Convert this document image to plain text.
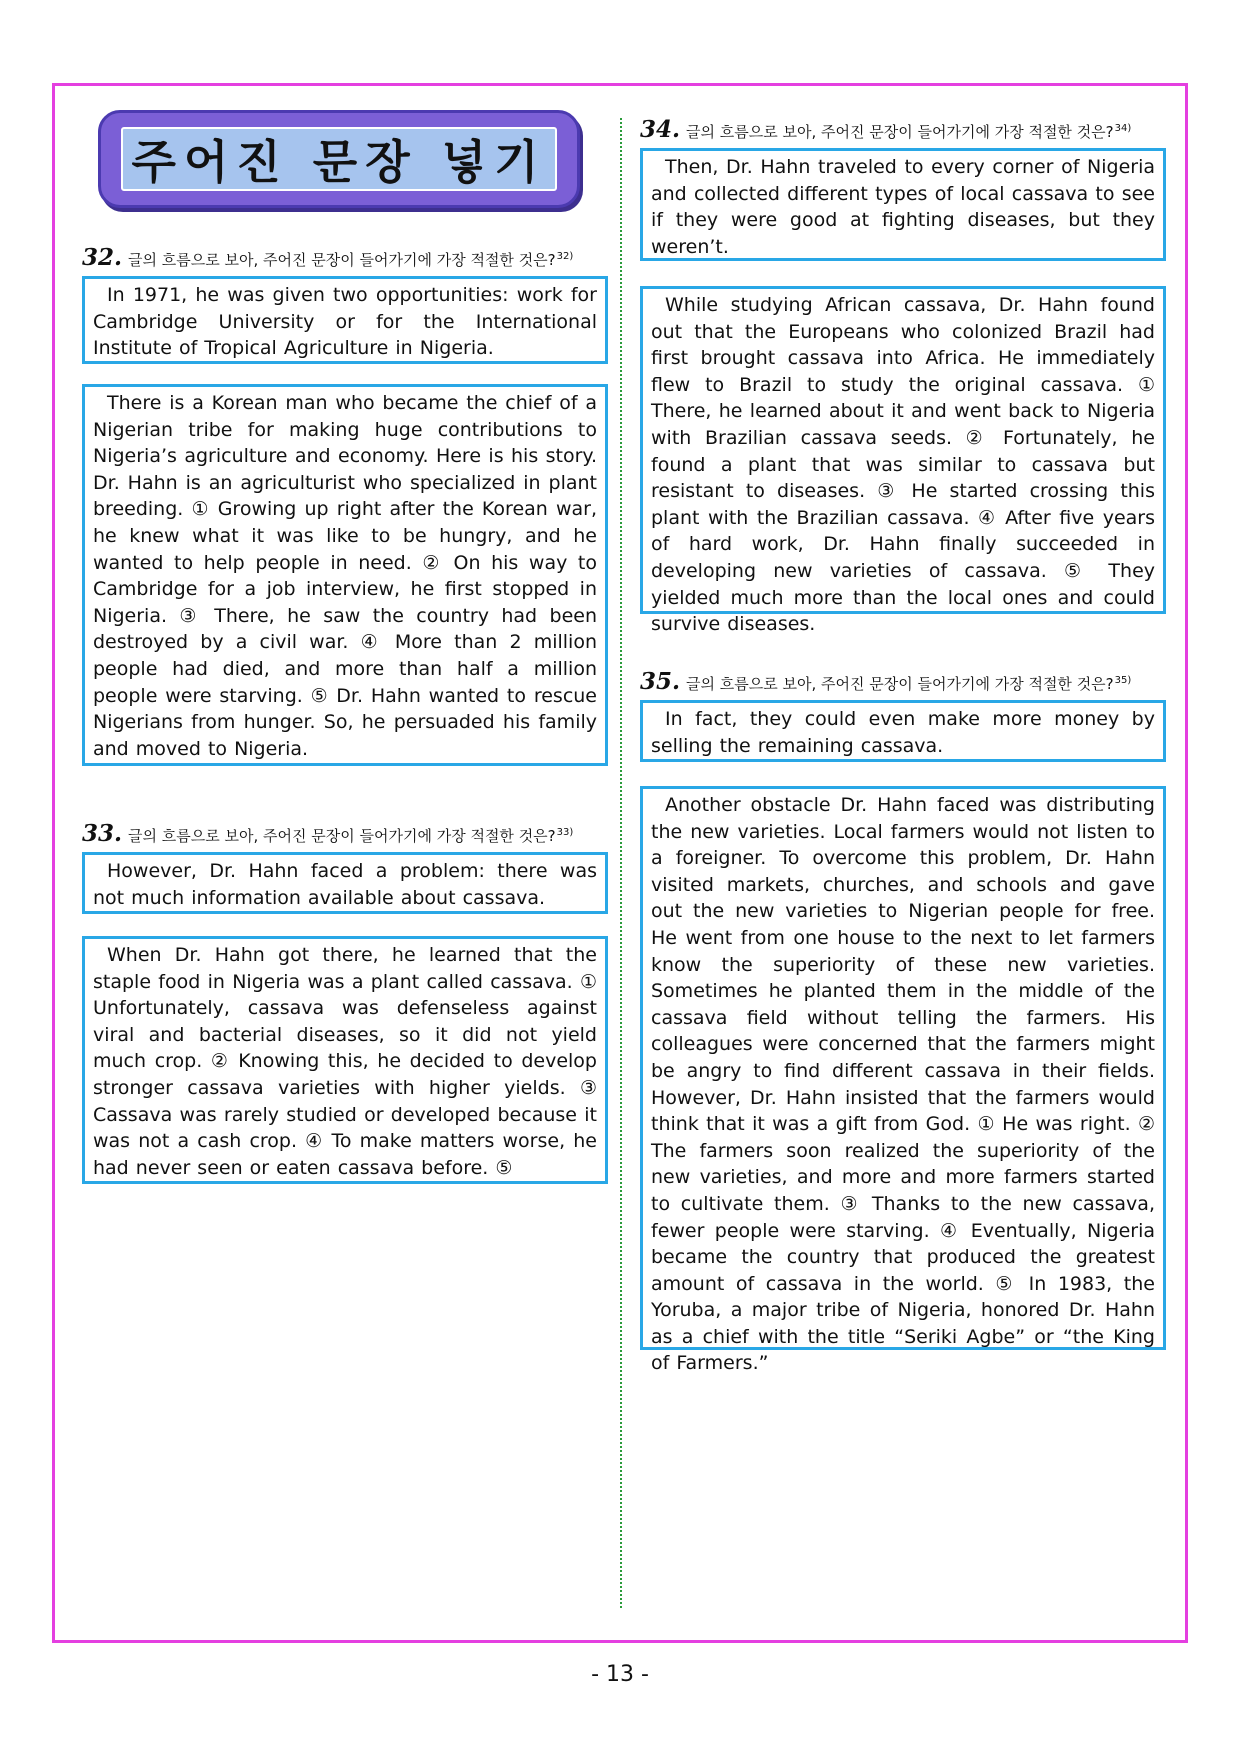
주어진 문장 넣기
32. 글의 흐름으로 보아, 주어진 문장이 들어가기에 가장 적절한 것은? 32)

In 1971, he was given two opportunities: work for Cambridge University or for the International Institute of Tropical Agriculture in Nigeria.

There is a Korean man who became the chief of a Nigerian tribe for making huge contributions to Nigeria’s agriculture and economy. Here is his story. Dr. Hahn is an agriculturist who specialized in plant breeding. ① Growing up right after the Korean war, he knew what it was like to be hungry, and he wanted to help people in need. ② On his way to Cambridge for a job interview, he first stopped in Nigeria. ③ There, he saw the country had been destroyed by a civil war. ④ More than 2 million people had died, and more than half a million people were starving. ⑤ Dr. Hahn wanted to rescue Nigerians from hunger. So, he persuaded his family and moved to Nigeria.

33. 글의 흐름으로 보아, 주어진 문장이 들어가기에 가장 적절한 것은? 33)

However, Dr. Hahn faced a problem: there was not much information available about cassava.

When Dr. Hahn got there, he learned that the staple food in Nigeria was a plant called cassava. ① Unfortunately, cassava was defenseless against viral and bacterial diseases, so it did not yield much crop. ② Knowing this, he decided to develop stronger cassava varieties with higher yields. ③ Cassava was rarely studied or developed because it was not a cash crop. ④ To make matters worse, he had never seen or eaten cassava before. ⑤

34. 글의 흐름으로 보아, 주어진 문장이 들어가기에 가장 적절한 것은? 34)

Then, Dr. Hahn traveled to every corner of Nigeria and collected different types of local cassava to see if they were good at fighting diseases, but they weren’t.

While studying African cassava, Dr. Hahn found out that the Europeans who colonized Brazil had first brought cassava into Africa. He immediately flew to Brazil to study the original cassava. ① There, he learned about it and went back to Nigeria with Brazilian cassava seeds. ② Fortunately, he found a plant that was similar to cassava but resistant to diseases. ③ He started crossing this plant with the Brazilian cassava. ④ After five years of hard work, Dr. Hahn finally succeeded in developing new varieties of cassava. ⑤ They yielded much more than the local ones and could survive diseases.

35. 글의 흐름으로 보아, 주어진 문장이 들어가기에 가장 적절한 것은? 35)

In fact, they could even make more money by selling the remaining cassava.

Another obstacle Dr. Hahn faced was distributing the new varieties. Local farmers would not listen to a foreigner. To overcome this problem, Dr. Hahn visited markets, churches, and schools and gave out the new varieties to Nigerian people for free. He went from one house to the next to let farmers know the superiority of these new varieties. Sometimes he planted them in the middle of the cassava field without telling the farmers. His colleagues were concerned that the farmers might be angry to find different cassava in their fields. However, Dr. Hahn insisted that the farmers would think that it was a gift from God. ① He was right. ② The farmers soon realized the superiority of the new varieties, and more and more farmers started to cultivate them. ③ Thanks to the new cassava, fewer people were starving. ④ Eventually, Nigeria became the country that produced the greatest amount of cassava in the world. ⑤ In 1983, the Yoruba, a major tribe of Nigeria, honored Dr. Hahn as a chief with the title “Seriki Agbe” or “the King of Farmers.”

- 13 -
